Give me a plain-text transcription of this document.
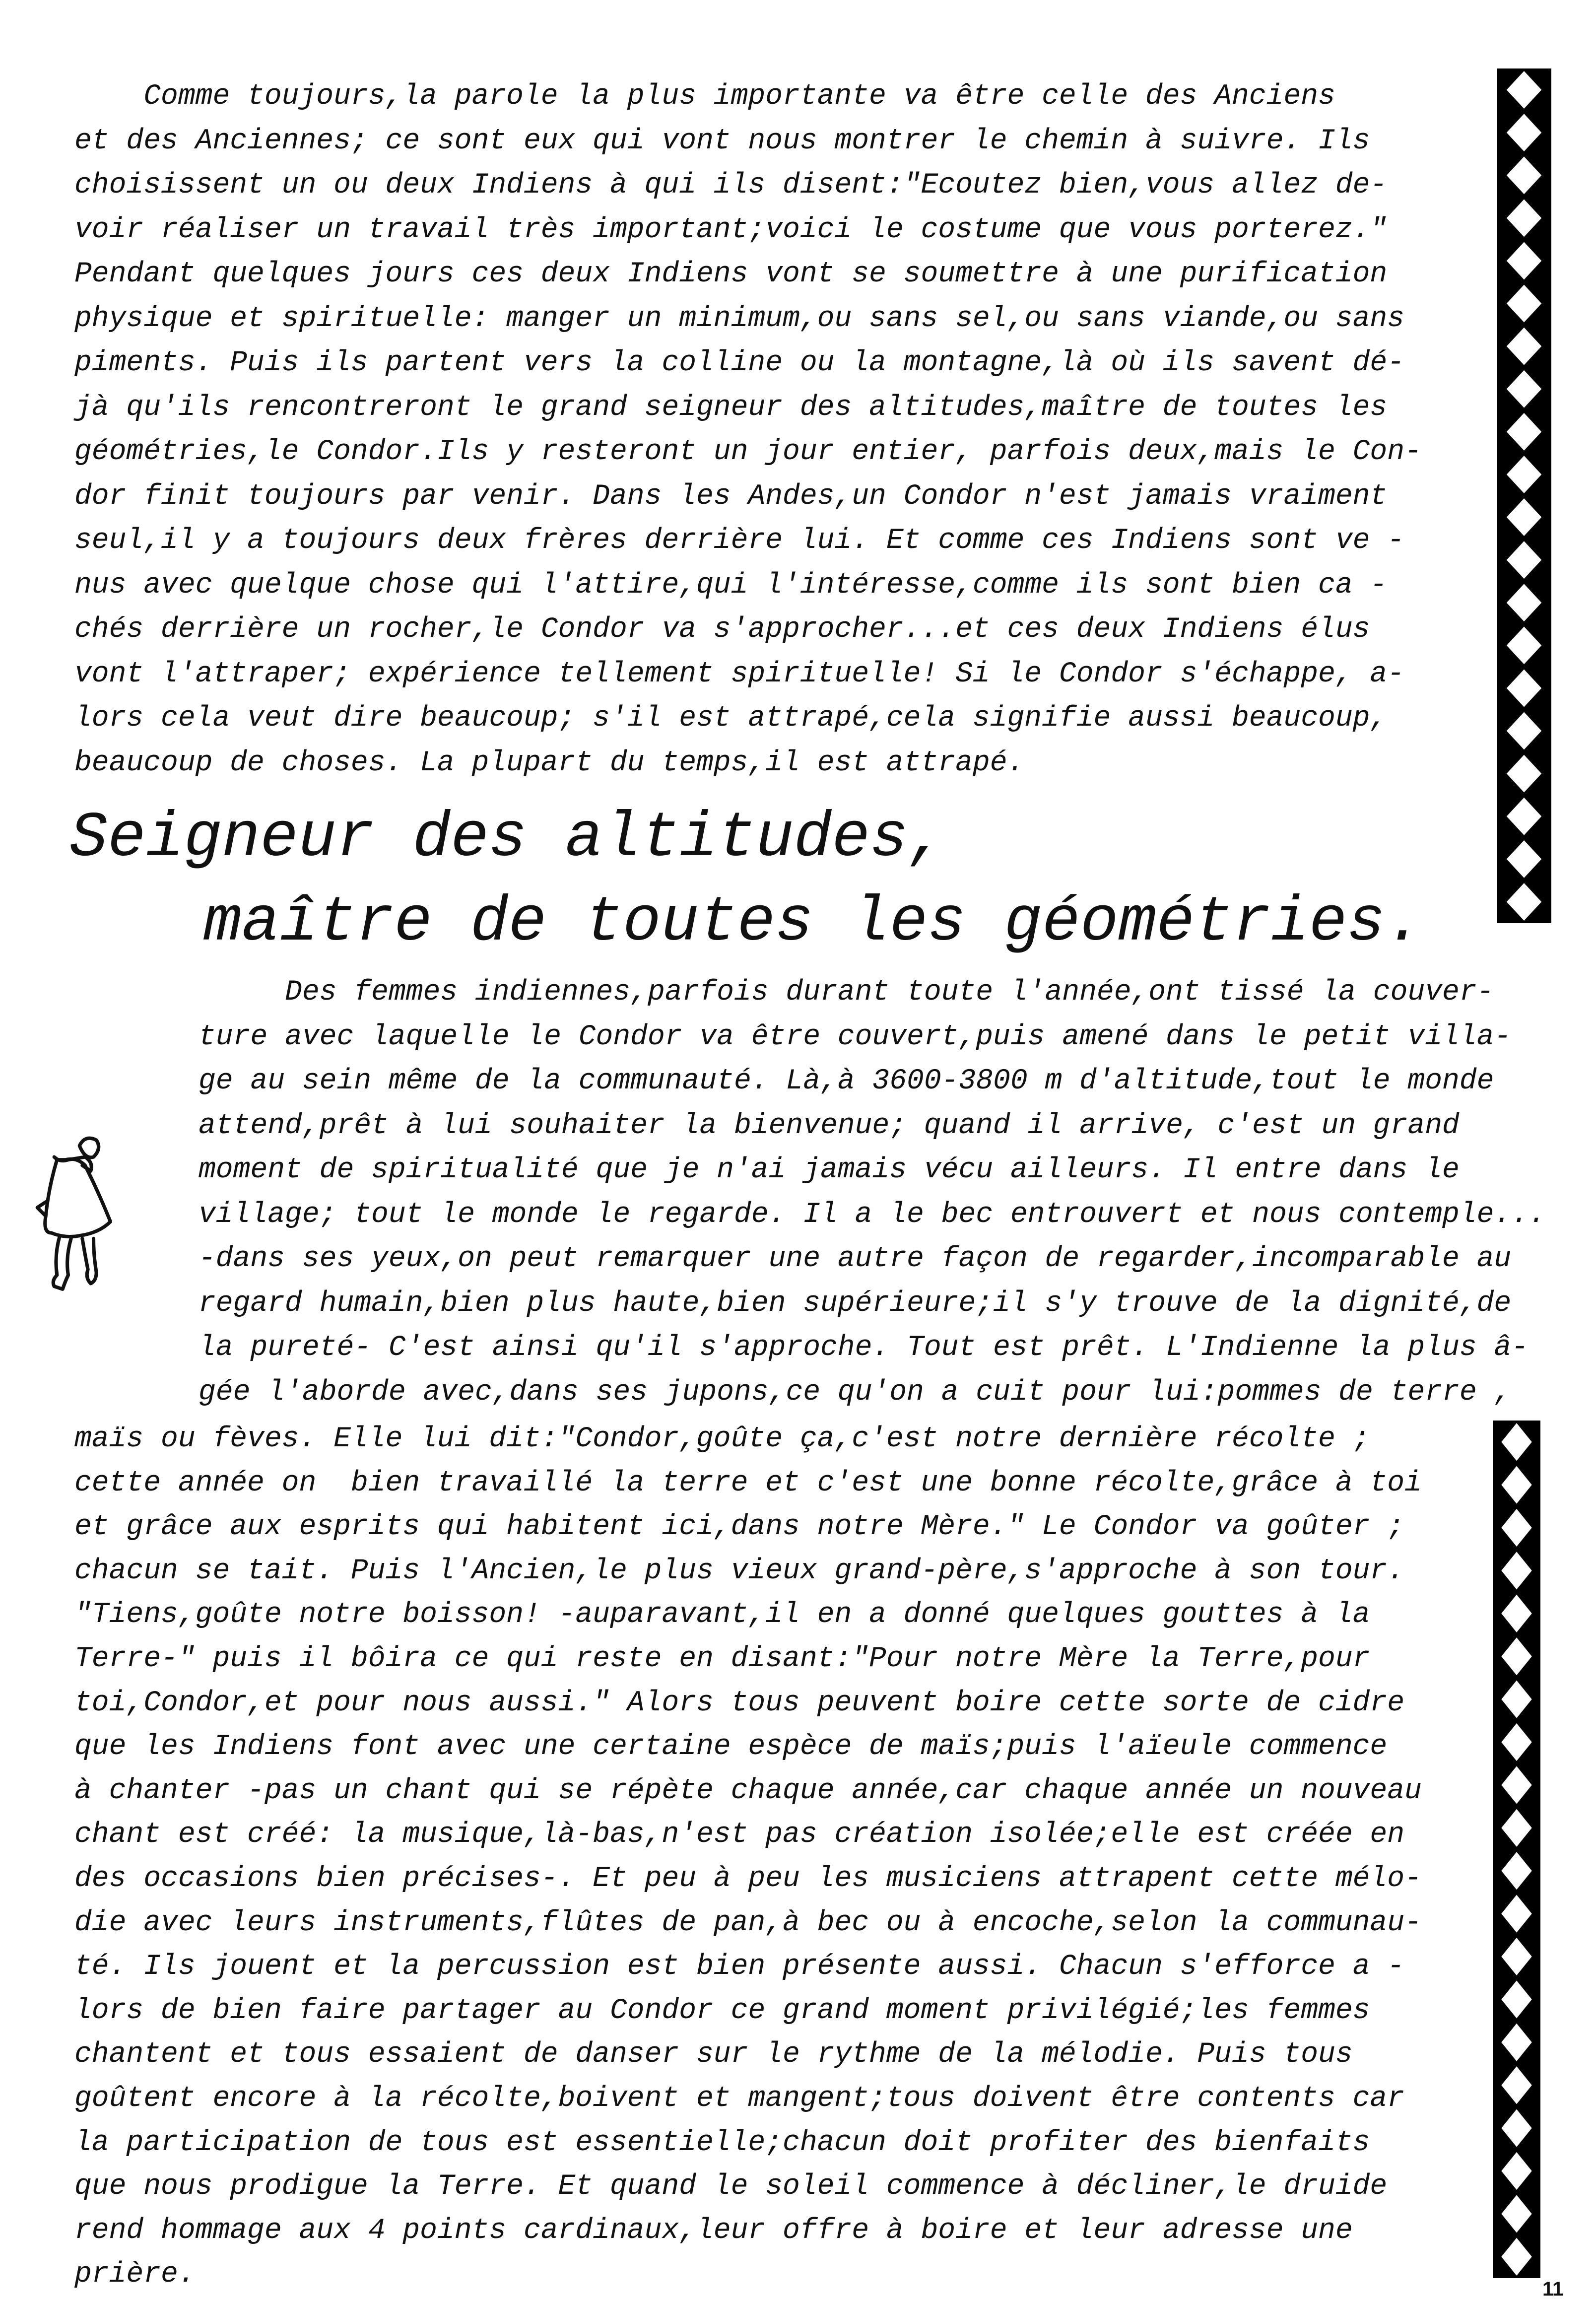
Comme toujours,la parole la plus importante va être celle des Anciens
et des Anciennes; ce sont eux qui vont nous montrer le chemin à suivre. Ils
choisissent un ou deux Indiens à qui ils disent:"Ecoutez bien,vous allez de-
voir réaliser un travail très important;voici le costume que vous porterez."
Pendant quelques jours ces deux Indiens vont se soumettre à une purification
physique et spirituelle: manger un minimum,ou sans sel,ou sans viande,ou sans
piments. Puis ils partent vers la colline ou la montagne,là où ils savent dé-
jà qu'ils rencontreront le grand seigneur des altitudes,maître de toutes les
géométries,le Condor.Ils y resteront un jour entier, parfois deux,mais le Con-
dor finit toujours par venir. Dans les Andes,un Condor n'est jamais vraiment
seul,il y a toujours deux frères derrière lui. Et comme ces Indiens sont ve -
nus avec quelque chose qui l'attire,qui l'intéresse,comme ils sont bien ca -
chés derrière un rocher,le Condor va s'approcher...et ces deux Indiens élus
vont l'attraper; expérience tellement spirituelle! Si le Condor s'échappe, a-
lors cela veut dire beaucoup; s'il est attrapé,cela signifie aussi beaucoup,
beaucoup de choses. La plupart du temps,il est attrapé.
Seigneur des altitudes,
maître de toutes les géométries.
Des femmes indiennes,parfois durant toute l'année,ont tissé la couver-
ture avec laquelle le Condor va être couvert,puis amené dans le petit villa-
ge au sein même de la communauté. Là,à 3600-3800 m d'altitude,tout le monde
attend,prêt à lui souhaiter la bienvenue; quand il arrive, c'est un grand
moment de spiritualité que je n'ai jamais vécu ailleurs. Il entre dans le
village; tout le monde le regarde. Il a le bec entrouvert et nous contemple...
-dans ses yeux,on peut remarquer une autre façon de regarder,incomparable au
regard humain,bien plus haute,bien supérieure;il s'y trouve de la dignité,de
la pureté- C'est ainsi qu'il s'approche. Tout est prêt. L'Indienne la plus â-
gée l'aborde avec,dans ses jupons,ce qu'on a cuit pour lui:pommes de terre ,
maïs ou fèves. Elle lui dit:"Condor,goûte ça,c'est notre dernière récolte ;
cette année on  bien travaillé la terre et c'est une bonne récolte,grâce à toi
et grâce aux esprits qui habitent ici,dans notre Mère." Le Condor va goûter ;
chacun se tait. Puis l'Ancien,le plus vieux grand-père,s'approche à son tour.
"Tiens,goûte notre boisson! -auparavant,il en a donné quelques gouttes à la
Terre-" puis il bôira ce qui reste en disant:"Pour notre Mère la Terre,pour
toi,Condor,et pour nous aussi." Alors tous peuvent boire cette sorte de cidre
que les Indiens font avec une certaine espèce de maïs;puis l'aïeule commence
à chanter -pas un chant qui se répète chaque année,car chaque année un nouveau
chant est créé: la musique,là-bas,n'est pas création isolée;elle est créée en
des occasions bien précises-. Et peu à peu les musiciens attrapent cette mélo-
die avec leurs instruments,flûtes de pan,à bec ou à encoche,selon la communau-
té. Ils jouent et la percussion est bien présente aussi. Chacun s'efforce a -
lors de bien faire partager au Condor ce grand moment privilégié;les femmes
chantent et tous essaient de danser sur le rythme de la mélodie. Puis tous
goûtent encore à la récolte,boivent et mangent;tous doivent être contents car
la participation de tous est essentielle;chacun doit profiter des bienfaits
que nous prodigue la Terre. Et quand le soleil commence à décliner,le druide
rend hommage aux 4 points cardinaux,leur offre à boire et leur adresse une
prière.	11
